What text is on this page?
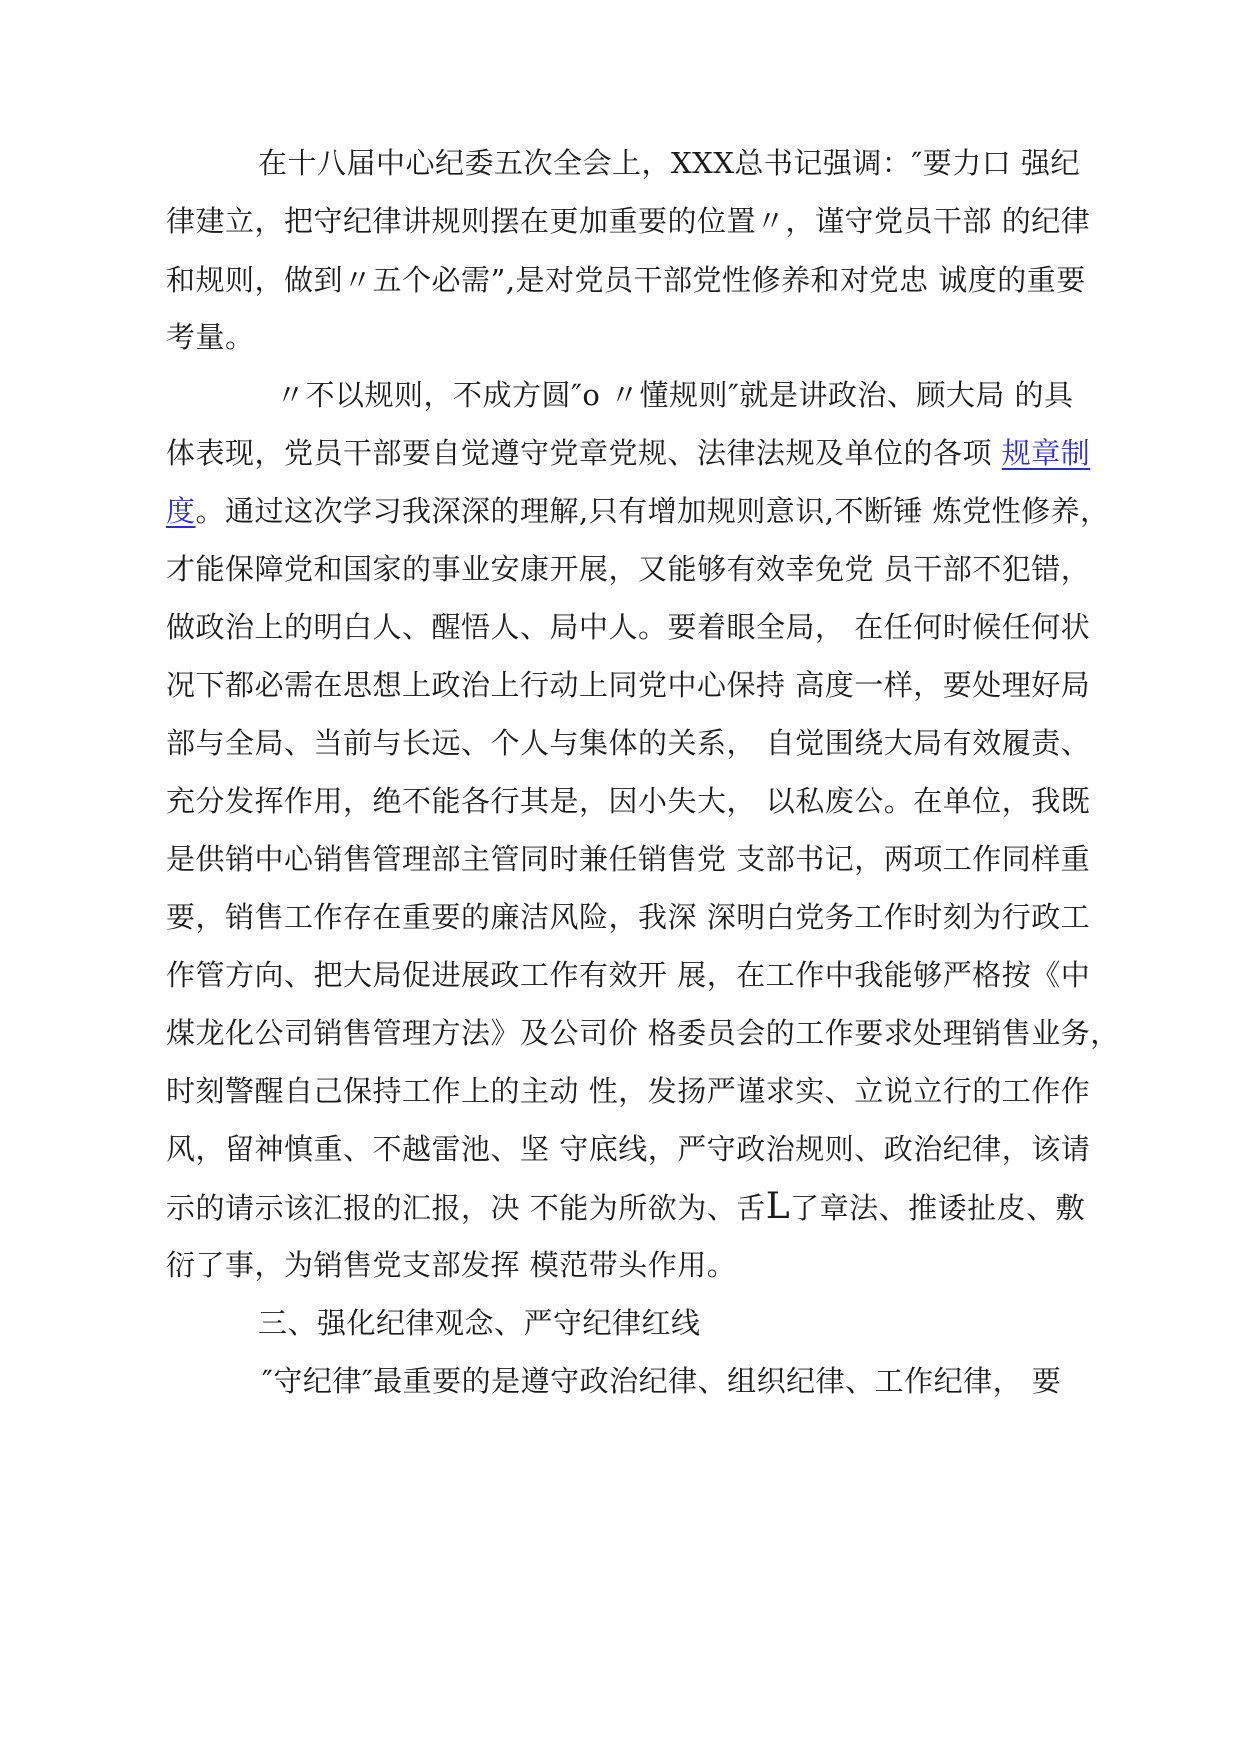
在十八届中心纪委五次全会上，XXX总书记强调：″要力口 强纪
律建立，把守纪律讲规则摆在更加重要的位置〃，谨守党员干部 的纪律
和规则，做到〃五个必需”,是对党员干部党性修养和对党忠 诚度的重要
考量。
〃不以规则，不成方圆″o 〃懂规则″就是讲政治、顾大局 的具
体表现，党员干部要自觉遵守党章党规、法律法规及单位的各项 规章制
度。通过这次学习我深深的理解,只有增加规则意识,不断锤 炼党性修养，
才能保障党和国家的事业安康开展，又能够有效幸免党 员干部不犯错，
做政治上的明白人、醒悟人、局中人。要着眼全局， 在任何时候任何状
况下都必需在思想上政治上行动上同党中心保持 高度一样，要处理好局
部与全局、当前与长远、个人与集体的关系， 自觉围绕大局有效履责、
充分发挥作用，绝不能各行其是，因小失大， 以私废公。在单位，我既
是供销中心销售管理部主管同时兼任销售党 支部书记，两项工作同样重
要，销售工作存在重要的廉洁风险，我深 深明白党务工作时刻为行政工
作管方向、把大局促进展政工作有效开 展，在工作中我能够严格按《中
煤龙化公司销售管理方法》及公司价 格委员会的工作要求处理销售业务，
时刻警醒自己保持工作上的主动 性，发扬严谨求实、立说立行的工作作
风，留神慎重、不越雷池、坚 守底线，严守政治规则、政治纪律，该请
示的请示该汇报的汇报，决 不能为所欲为、舌L了章法、推诿扯皮、敷
衍了事，为销售党支部发挥 模范带头作用。
三、强化纪律观念、严守纪律红线
″守纪律″最重要的是遵守政治纪律、组织纪律、工作纪律， 要
